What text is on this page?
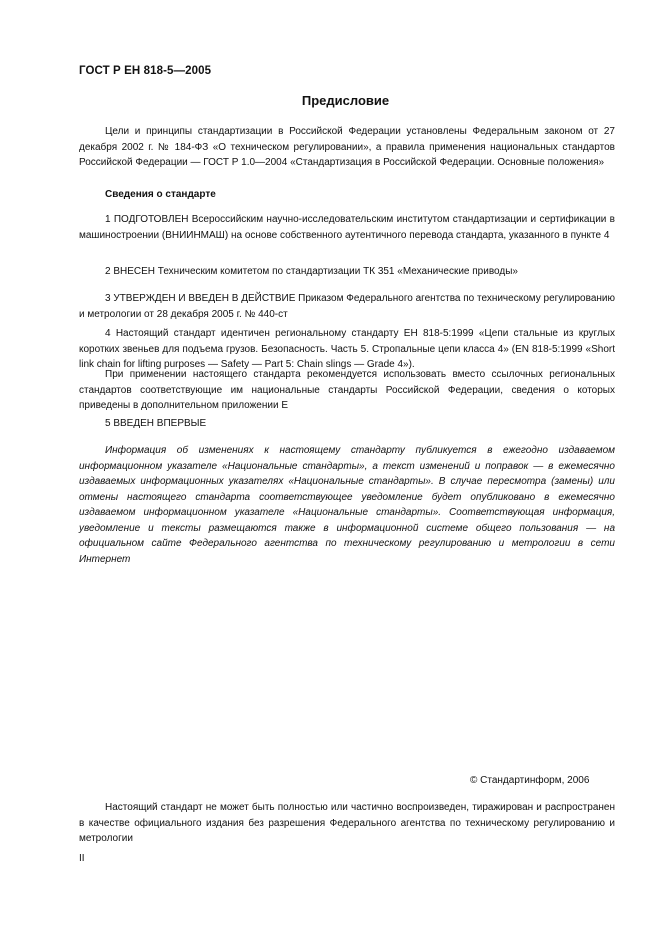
ГОСТ Р ЕН 818-5—2005
Предисловие

Цели и принципы стандартизации в Российской Федерации установлены Федеральным законом от 27 декабря 2002 г. № 184-ФЗ «О техническом регулировании», а правила применения национальных стандартов Российской Федерации — ГОСТ Р 1.0—2004 «Стандартизация в Российской Федерации. Основные положения»

Сведения о стандарте

1 ПОДГОТОВЛЕН Всероссийским научно-исследовательским институтом стандартизации и сертификации в машиностроении (ВНИИНМАШ) на основе собственного аутентичного перевода стандарта, указанного в пункте 4

2 ВНЕСЕН Техническим комитетом по стандартизации ТК 351 «Механические приводы»

3 УТВЕРЖДЕН И ВВЕДЕН В ДЕЙСТВИЕ Приказом Федерального агентства по техническому регулированию и метрологии от 28 декабря 2005 г. № 440-ст

4 Настоящий стандарт идентичен региональному стандарту ЕН 818-5:1999 «Цепи стальные из круглых коротких звеньев для подъема грузов. Безопасность. Часть 5. Стропальные цепи класса 4» (EN 818-5:1999 «Short link chain for lifting purposes — Safety — Part 5: Chain slings — Grade 4»).

При применении настоящего стандарта рекомендуется использовать вместо ссылочных региональных стандартов соответствующие им национальные стандарты Российской Федерации, сведения о которых приведены в дополнительном приложении Е

5 ВВЕДЕН ВПЕРВЫЕ

Информация об изменениях к настоящему стандарту публикуется в ежегодно издаваемом информационном указателе «Национальные стандарты», а текст изменений и поправок — в ежемесячно издаваемых информационных указателях «Национальные стандарты». В случае пересмотра (замены) или отмены настоящего стандарта соответствующее уведомление будет опубликовано в ежемесячно издаваемом информационном указателе «Национальные стандарты». Соответствующая информация, уведомление и тексты размещаются также в информационной системе общего пользования — на официальном сайте Федерального агентства по техническому регулированию и метрологии в сети Интернет

© Стандартинформ, 2006

Настоящий стандарт не может быть полностью или частично воспроизведен, тиражирован и распространен в качестве официального издания без разрешения Федерального агентства по техническому регулированию и метрологии

II
